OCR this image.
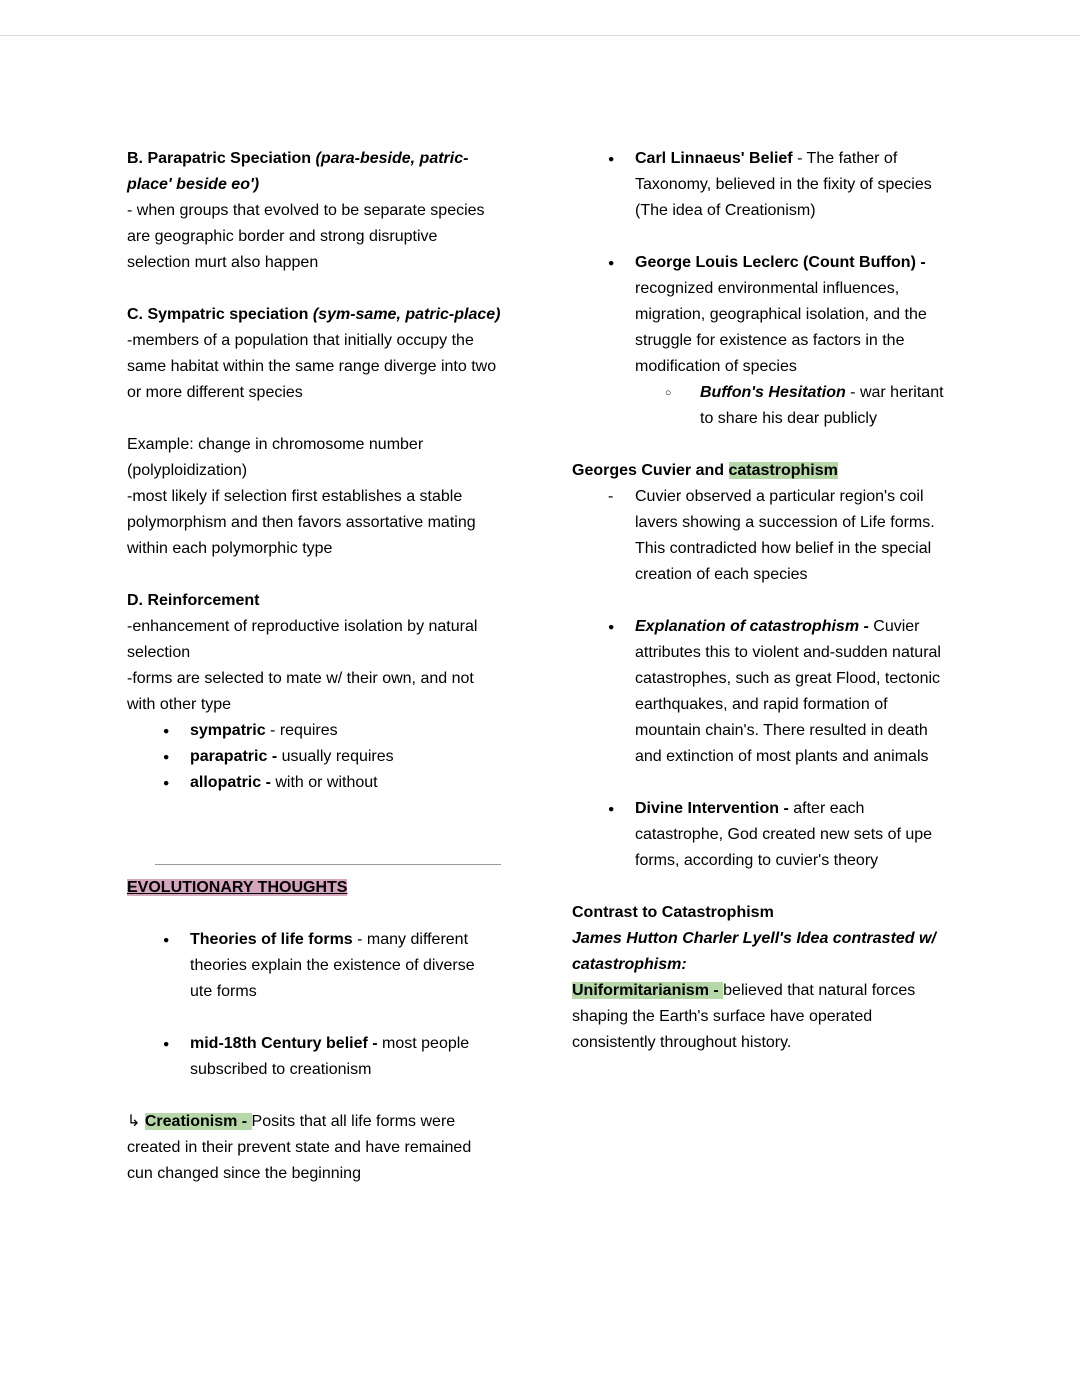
B. Parapatric Speciation (para-beside, patric- place' beside eo')
- when groups that evolved to be separate species are geographic border and strong disruptive selection murt also happen
C. Sympatric speciation (sym-same, patric-place)
-members of a population that initially occupy the same habitat within the same range diverge into two or more different species
Example: change in chromosome number (polyploidization)
-most likely if selection first establishes a stable polymorphism and then favors assortative mating within each polymorphic type
D. Reinforcement
-enhancement of reproductive isolation by natural selection
-forms are selected to mate w/ their own, and not with other type
●	sympatric - requires
●	parapatric - usually requires
●	allopatric - with or without
EVOLUTIONARY THOUGHTS
●	Theories of life forms - many different theories explain the existence of diverse ute forms
●	mid-18th Century belief - most people subscribed to creationism
↳ Creationism - Posits that all life forms were created in their prevent state and have remained cun changed since the beginning
●	Carl Linnaeus' Belief - The father of Taxonomy, believed in the fixity of species (The idea of Creationism)
●	George Louis Leclerc (Count Buffon) - recognized environmental influences, migration, geographical isolation, and the struggle for existence as factors in the modification of species
○	Buffon's Hesitation - war heritant to share his dear publicly
Georges Cuvier and catastrophism
-	Cuvier observed a particular region's coil lavers showing a succession of Life forms. This contradicted how belief in the special creation of each species
●	Explanation of catastrophism - Cuvier attributes this to violent and-sudden natural catastrophes, such as great Flood, tectonic earthquakes, and rapid formation of mountain chain's. There resulted in death and extinction of most plants and animals
●	Divine Intervention - after each catastrophe, God created new sets of upe forms, according to cuvier's theory
Contrast to Catastrophism
James Hutton Charler Lyell's Idea contrasted w/ catastrophism:
Uniformitarianism - believed that natural forces shaping the Earth's surface have operated consistently throughout history.
